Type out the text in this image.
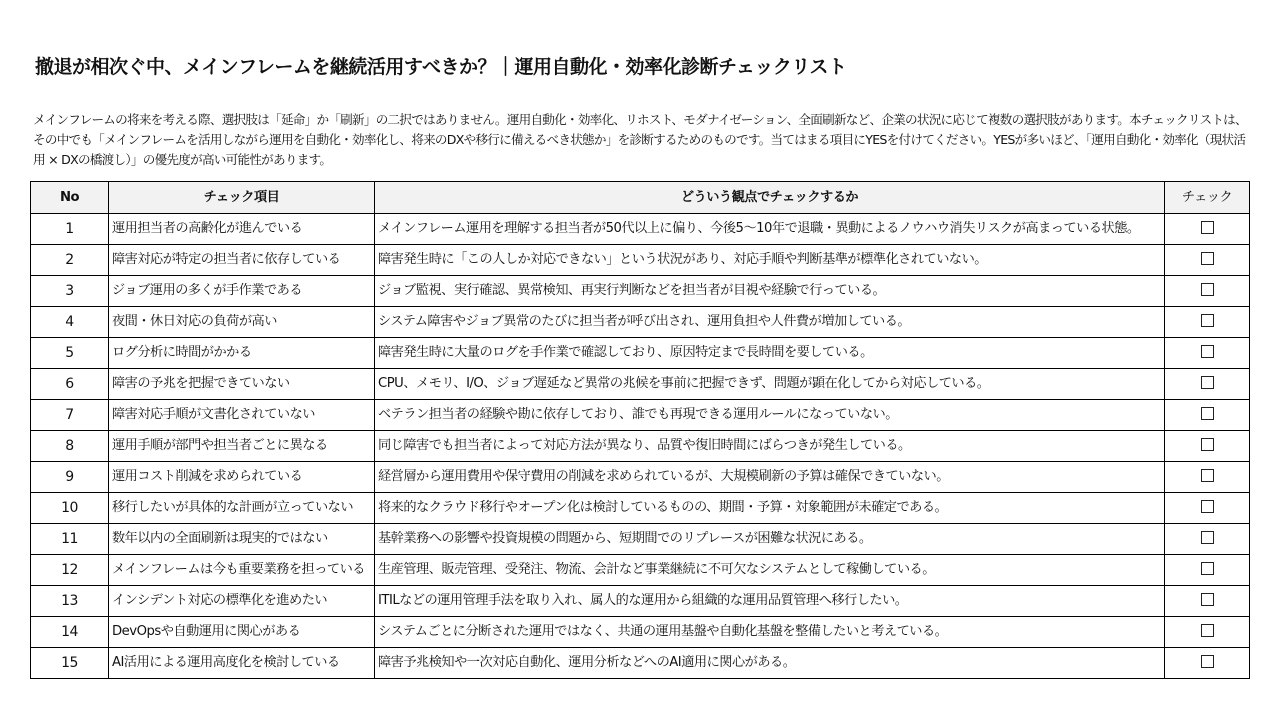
撤退が相次ぐ中、メインフレームを継続活用すべきか？｜運用自動化・効率化診断チェックリスト
メインフレームの将来を考える際、選択肢は「延命」か「刷新」の二択ではありません。運用自動化・効率化、リホスト、モダナイゼーション、全面刷新など、企業の状況に応じて複数の選択肢があります。本チェックリストは、その中でも「メインフレームを活用しながら運用を自動化・効率化し、将来のDXや移行に備えるべき状態か」を診断するためのものです。当てはまる項目にYESを付けてください。YESが多いほど、「運用自動化・効率化（現状活用 × DXの橋渡し）」の優先度が高い可能性があります。
No	チェック項目	どういう観点でチェックするか	チェック
1	運用担当者の高齢化が進んでいる	メインフレーム運用を理解する担当者が50代以上に偏り、今後5～10年で退職・異動によるノウハウ消失リスクが高まっている状態。	
2	障害対応が特定の担当者に依存している	障害発生時に「この人しか対応できない」という状況があり、対応手順や判断基準が標準化されていない。	
3	ジョブ運用の多くが手作業である	ジョブ監視、実行確認、異常検知、再実行判断などを担当者が目視や経験で行っている。	
4	夜間・休日対応の負荷が高い	システム障害やジョブ異常のたびに担当者が呼び出され、運用負担や人件費が増加している。	
5	ログ分析に時間がかかる	障害発生時に大量のログを手作業で確認しており、原因特定まで長時間を要している。	
6	障害の予兆を把握できていない	CPU、メモリ、I/O、ジョブ遅延など異常の兆候を事前に把握できず、問題が顕在化してから対応している。	
7	障害対応手順が文書化されていない	ベテラン担当者の経験や勘に依存しており、誰でも再現できる運用ルールになっていない。	
8	運用手順が部門や担当者ごとに異なる	同じ障害でも担当者によって対応方法が異なり、品質や復旧時間にばらつきが発生している。	
9	運用コスト削減を求められている	経営層から運用費用や保守費用の削減を求められているが、大規模刷新の予算は確保できていない。	
10	移行したいが具体的な計画が立っていない	将来的なクラウド移行やオープン化は検討しているものの、期間・予算・対象範囲が未確定である。	
11	数年以内の全面刷新は現実的ではない	基幹業務への影響や投資規模の問題から、短期間でのリプレースが困難な状況にある。	
12	メインフレームは今も重要業務を担っている	生産管理、販売管理、受発注、物流、会計など事業継続に不可欠なシステムとして稼働している。	
13	インシデント対応の標準化を進めたい	ITILなどの運用管理手法を取り入れ、属人的な運用から組織的な運用品質管理へ移行したい。	
14	DevOpsや自動運用に関心がある	システムごとに分断された運用ではなく、共通の運用基盤や自動化基盤を整備したいと考えている。	
15	AI活用による運用高度化を検討している	障害予兆検知や一次対応自動化、運用分析などへのAI適用に関心がある。	
